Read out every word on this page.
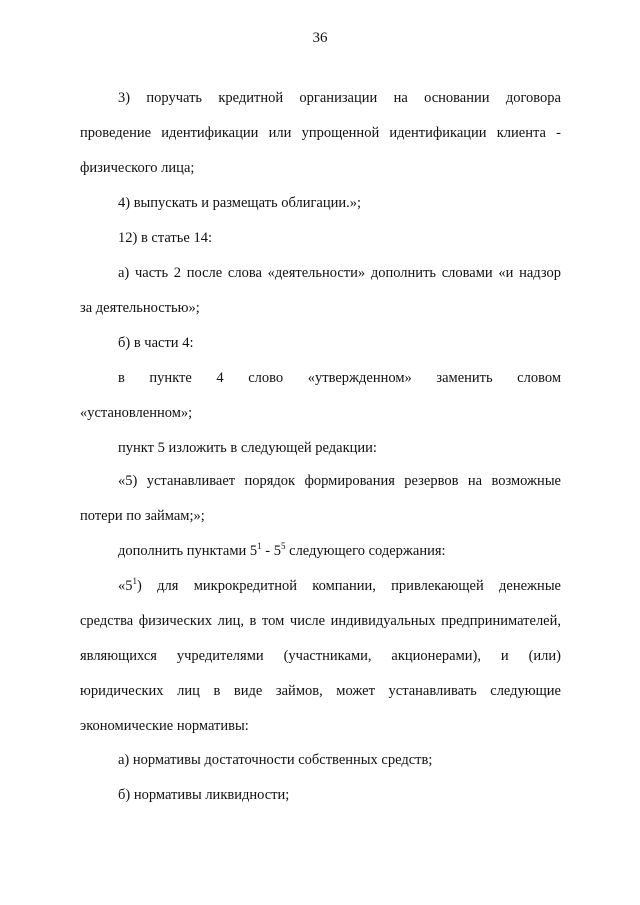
36
3) поручать кредитной организации на основании договора
проведение идентификации или упрощенной идентификации клиента -
физического лица;
4) выпускать и размещать облигации.»;
12) в статье 14:
а) часть 2 после слова «деятельности» дополнить словами «и надзор
за деятельностью»;
б) в части 4:
в пункте 4 слово «утвержденном» заменить словом
«установленном»;
пункт 5 изложить в следующей редакции:
«5) устанавливает порядок формирования резервов на возможные
потери по займам;»;
дополнить пунктами $5^1 - 5^5$ следующего содержания:
«$5^1$) для микрокредитной компании, привлекающей денежные
средства физических лиц, в том числе индивидуальных предпринимателей,
являющихся учредителями (участниками, акционерами), и (или)
юридических лиц в виде займов, может устанавливать следующие
экономические нормативы:
а) нормативы достаточности собственных средств;
б) нормативы ликвидности;
